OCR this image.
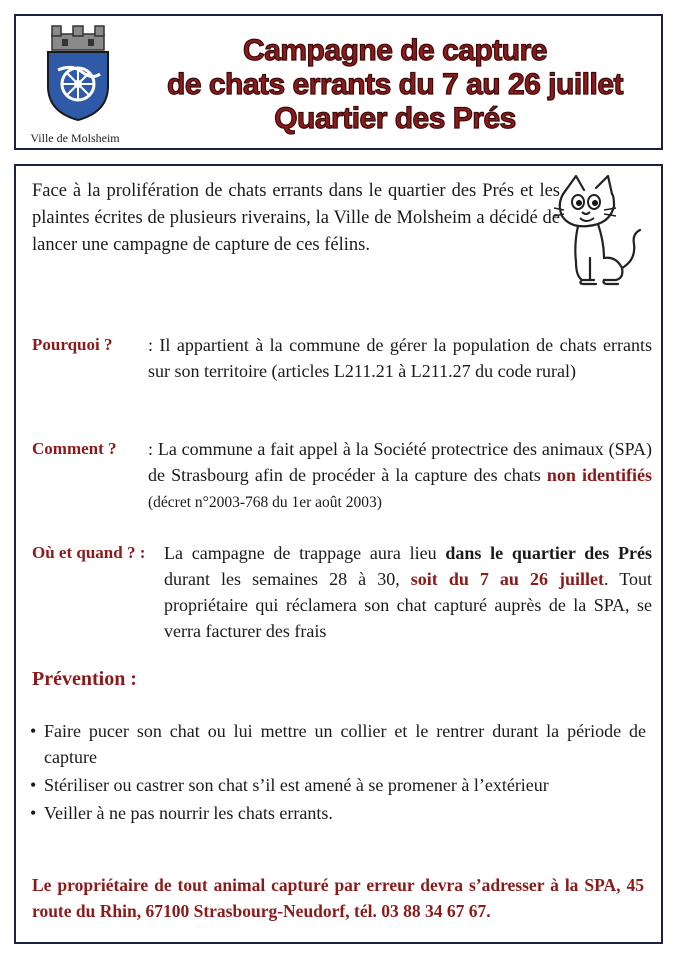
Ville de Molsheim
Campagne de capture
de chats errants du 7 au 26 juillet
Quartier des Prés
Face à la prolifération de chats errants dans le quartier des Prés et les plaintes écrites de plusieurs riverains, la Ville de Molsheim a décidé de lancer une campagne de capture de ces félins.
Pourquoi ? : Il appartient à la commune de gérer la population de chats errants sur son territoire (articles L211.21 à L211.27 du code rural)
Comment ? : La commune a fait appel à la Société protectrice des animaux (SPA) de Strasbourg afin de procéder à la capture des chats non identifiés (décret n°2003-768 du 1er août 2003)
Où et quand ? : La campagne de trappage aura lieu dans le quartier des Prés durant les semaines 28 à 30, soit du 7 au 26 juillet. Tout propriétaire qui réclamera son chat capturé auprès de la SPA, se verra facturer des frais
Prévention :
• Faire pucer son chat ou lui mettre un collier et le rentrer durant la période de capture
• Stériliser ou castrer son chat s’il est amené à se promener à l’extérieur
• Veiller à ne pas nourrir les chats errants.
Le propriétaire de tout animal capturé par erreur devra s’adresser à la SPA, 45 route du Rhin, 67100 Strasbourg-Neudorf, tél. 03 88 34 67 67.
